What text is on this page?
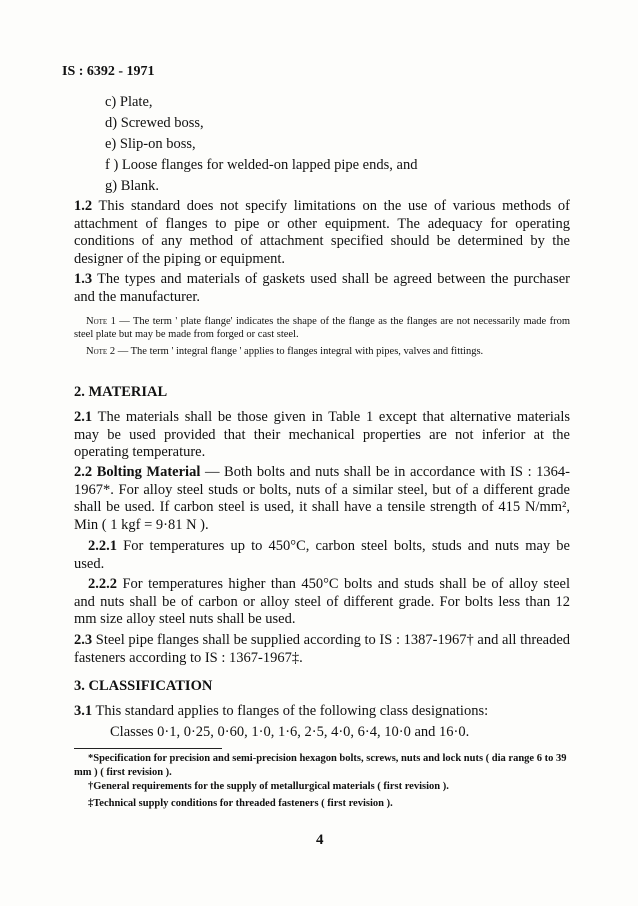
IS : 6392 - 1971
c) Plate,
d) Screwed boss,
e) Slip-on boss,
f ) Loose flanges for welded-on lapped pipe ends, and
g) Blank.
1.2 This standard does not specify limitations on the use of various methods of attachment of flanges to pipe or other equipment. The adequacy for operating conditions of any method of attachment specified should be determined by the designer of the piping or equipment.
1.3 The types and materials of gaskets used shall be agreed between the purchaser and the manufacturer.
Note 1 — The term ' plate flange' indicates the shape of the flange as the flanges are not necessarily made from steel plate but may be made from forged or cast steel.
Note 2 — The term ' integral flange ' applies to flanges integral with pipes, valves and fittings.
2. MATERIAL
2.1 The materials shall be those given in Table 1 except that alternative materials may be used provided that their mechanical properties are not inferior at the operating temperature.
2.2 Bolting Material — Both bolts and nuts shall be in accordance with IS : 1364-1967*. For alloy steel studs or bolts, nuts of a similar steel, but of a different grade shall be used. If carbon steel is used, it shall have a tensile strength of 415 N/mm², Min ( 1 kgf = 9·81 N ).
2.2.1 For temperatures up to 450°C, carbon steel bolts, studs and nuts may be used.
2.2.2 For temperatures higher than 450°C bolts and studs shall be of alloy steel and nuts shall be of carbon or alloy steel of different grade. For bolts less than 12 mm size alloy steel nuts shall be used.
2.3 Steel pipe flanges shall be supplied according to IS : 1387-1967† and all threaded fasteners according to IS : 1367-1967‡.
3. CLASSIFICATION
3.1 This standard applies to flanges of the following class designations:
Classes 0·1, 0·25, 0·60, 1·0, 1·6, 2·5, 4·0, 6·4, 10·0 and 16·0.
*Specification for precision and semi-precision hexagon bolts, screws, nuts and lock nuts ( dia range 6 to 39 mm ) ( first revision ).
†General requirements for the supply of metallurgical materials ( first revision ).
‡Technical supply conditions for threaded fasteners ( first revision ).
4
